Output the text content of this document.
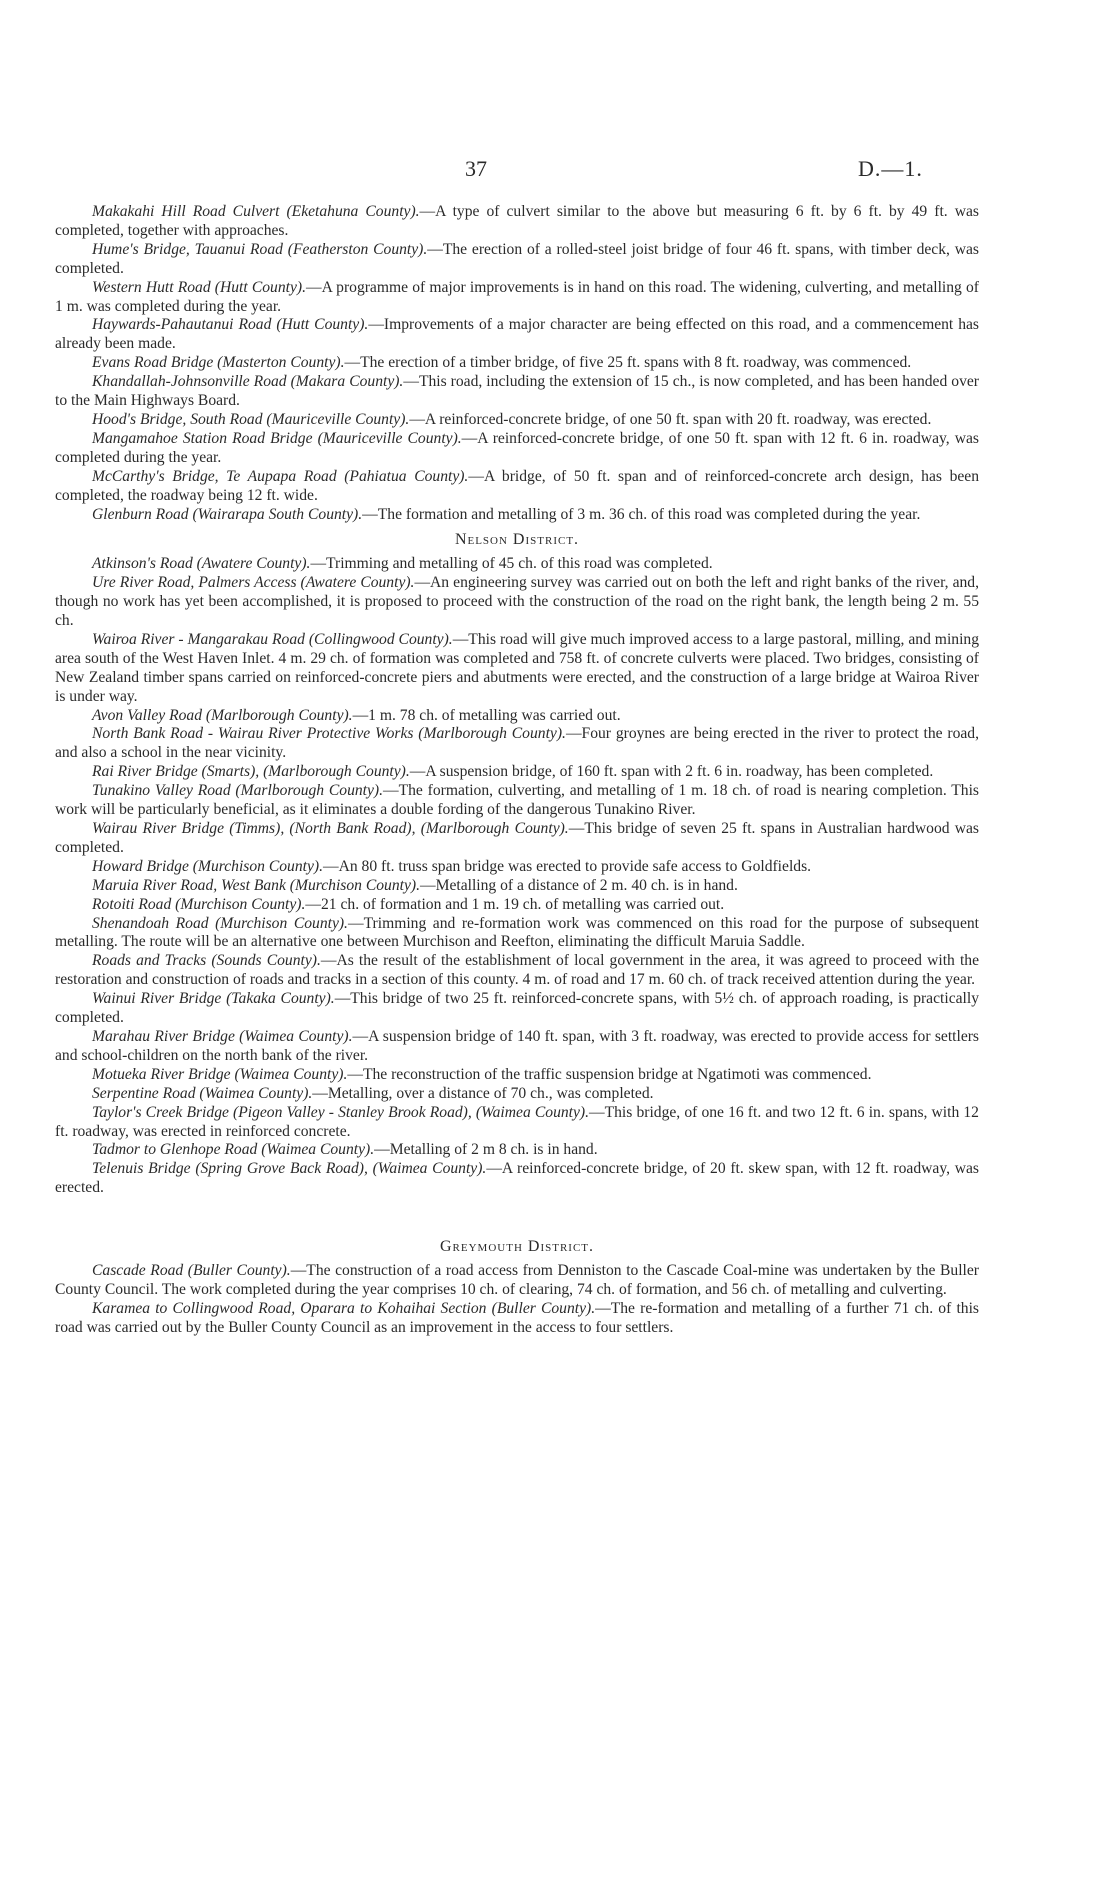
37	D.—1.

Makakahi Hill Road Culvert (Eketahuna County).—A type of culvert similar to the above but measuring 6 ft. by 6 ft. by 49 ft. was completed, together with approaches.

Hume's Bridge, Tauanui Road (Featherston County).—The erection of a rolled-steel joist bridge of four 46 ft. spans, with timber deck, was completed.

Western Hutt Road (Hutt County).—A programme of major improvements is in hand on this road. The widening, culverting, and metalling of 1 m. was completed during the year.

Haywards-Pahautanui Road (Hutt County).—Improvements of a major character are being effected on this road, and a commencement has already been made.

Evans Road Bridge (Masterton County).—The erection of a timber bridge, of five 25 ft. spans with 8 ft. roadway, was commenced.

Khandallah-Johnsonville Road (Makara County).—This road, including the extension of 15 ch., is now completed, and has been handed over to the Main Highways Board.

Hood's Bridge, South Road (Mauriceville County).—A reinforced-concrete bridge, of one 50 ft. span with 20 ft. roadway, was erected.

Mangamahoe Station Road Bridge (Mauriceville County).—A reinforced-concrete bridge, of one 50 ft. span with 12 ft. 6 in. roadway, was completed during the year.

McCarthy's Bridge, Te Aupapa Road (Pahiatua County).—A bridge, of 50 ft. span and of reinforced-concrete arch design, has been completed, the roadway being 12 ft. wide.

Glenburn Road (Wairarapa South County).—The formation and metalling of 3 m. 36 ch. of this road was completed during the year.

Nelson District.

Atkinson's Road (Awatere County).—Trimming and metalling of 45 ch. of this road was completed.

Ure River Road, Palmers Access (Awatere County).—An engineering survey was carried out on both the left and right banks of the river, and, though no work has yet been accomplished, it is proposed to proceed with the construction of the road on the right bank, the length being 2 m. 55 ch.

Wairoa River - Mangarakau Road (Collingwood County).—This road will give much improved access to a large pastoral, milling, and mining area south of the West Haven Inlet. 4 m. 29 ch. of formation was completed and 758 ft. of concrete culverts were placed. Two bridges, consisting of New Zealand timber spans carried on reinforced-concrete piers and abutments were erected, and the construction of a large bridge at Wairoa River is under way.

Avon Valley Road (Marlborough County).—1 m. 78 ch. of metalling was carried out.

North Bank Road - Wairau River Protective Works (Marlborough County).—Four groynes are being erected in the river to protect the road, and also a school in the near vicinity.

Rai River Bridge (Smarts), (Marlborough County).—A suspension bridge, of 160 ft. span with 2 ft. 6 in. roadway, has been completed.

Tunakino Valley Road (Marlborough County).—The formation, culverting, and metalling of 1 m. 18 ch. of road is nearing completion. This work will be particularly beneficial, as it eliminates a double fording of the dangerous Tunakino River.

Wairau River Bridge (Timms), (North Bank Road), (Marlborough County).—This bridge of seven 25 ft. spans in Australian hardwood was completed.

Howard Bridge (Murchison County).—An 80 ft. truss span bridge was erected to provide safe access to Goldfields.

Maruia River Road, West Bank (Murchison County).—Metalling of a distance of 2 m. 40 ch. is in hand.

Rotoiti Road (Murchison County).—21 ch. of formation and 1 m. 19 ch. of metalling was carried out.

Shenandoah Road (Murchison County).—Trimming and re-formation work was commenced on this road for the purpose of subsequent metalling. The route will be an alternative one between Murchison and Reefton, eliminating the difficult Maruia Saddle.

Roads and Tracks (Sounds County).—As the result of the establishment of local government in the area, it was agreed to proceed with the restoration and construction of roads and tracks in a section of this county. 4 m. of road and 17 m. 60 ch. of track received attention during the year.

Wainui River Bridge (Takaka County).—This bridge of two 25 ft. reinforced-concrete spans, with 5½ ch. of approach roading, is practically completed.

Marahau River Bridge (Waimea County).—A suspension bridge of 140 ft. span, with 3 ft. roadway, was erected to provide access for settlers and school-children on the north bank of the river.

Motueka River Bridge (Waimea County).—The reconstruction of the traffic suspension bridge at Ngatimoti was commenced.

Serpentine Road (Waimea County).—Metalling, over a distance of 70 ch., was completed.

Taylor's Creek Bridge (Pigeon Valley - Stanley Brook Road), (Waimea County).—This bridge, of one 16 ft. and two 12 ft. 6 in. spans, with 12 ft. roadway, was erected in reinforced concrete.

Tadmor to Glenhope Road (Waimea County).—Metalling of 2 m 8 ch. is in hand.

Telenuis Bridge (Spring Grove Back Road), (Waimea County).—A reinforced-concrete bridge, of 20 ft. skew span, with 12 ft. roadway, was erected.

Greymouth District.

Cascade Road (Buller County).—The construction of a road access from Denniston to the Cascade Coal-mine was undertaken by the Buller County Council. The work completed during the year comprises 10 ch. of clearing, 74 ch. of formation, and 56 ch. of metalling and culverting.

Karamea to Collingwood Road, Oparara to Kohaihai Section (Buller County).—The re-formation and metalling of a further 71 ch. of this road was carried out by the Buller County Council as an improvement in the access to four settlers.
